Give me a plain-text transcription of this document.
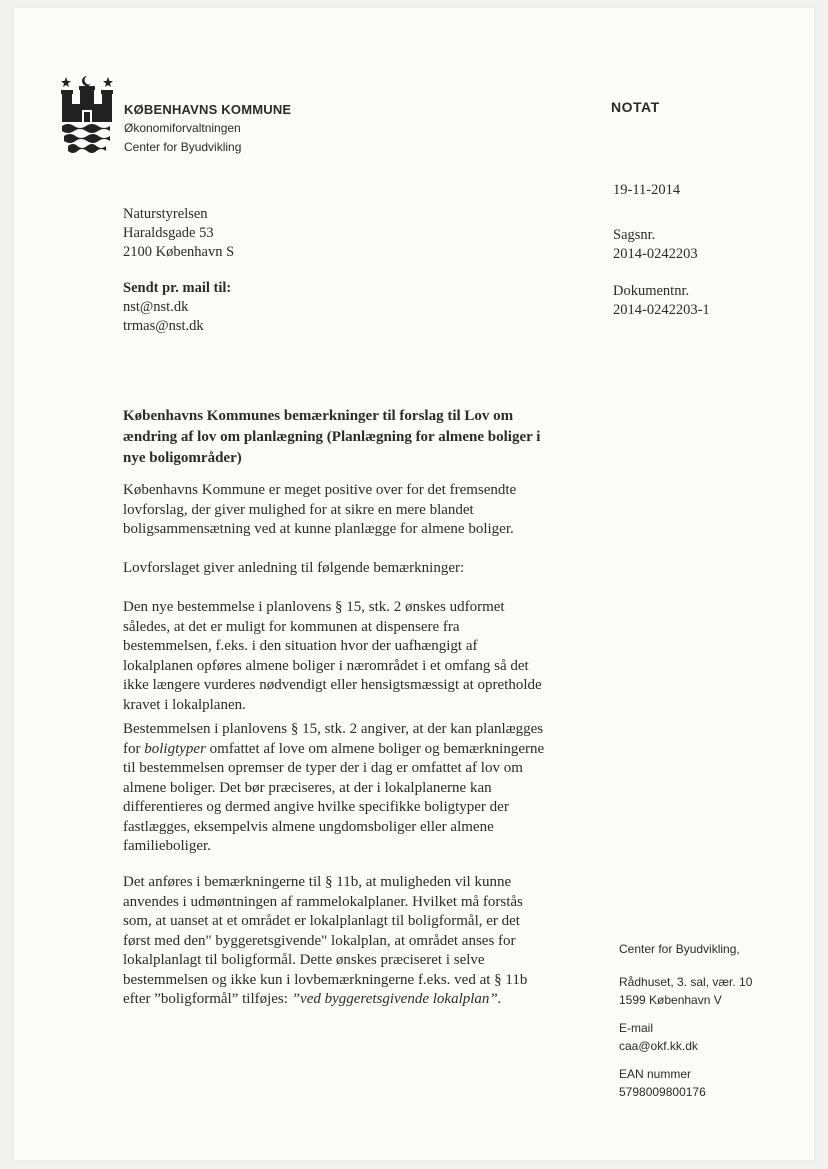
KØBENHAVNS KOMMUNE
Økonomiforvaltningen
Center for Byudvikling
NOTAT
19-11-2014
Sagsnr.
2014-0242203
Dokumentnr.
2014-0242203-1
Naturstyrelsen
Haraldsgade 53
2100 København S
Sendt pr. mail til:
nst@nst.dk
trmas@nst.dk
Københavns Kommunes bemærkninger til forslag til Lov om
ændring af lov om planlægning (Planlægning for almene boliger i
nye boligområder)
Københavns Kommune er meget positive over for det fremsendte
lovforslag, der giver mulighed for at sikre en mere blandet
boligsammensætning ved at kunne planlægge for almene boliger.
Lovforslaget giver anledning til følgende bemærkninger:
Den nye bestemmelse i planlovens § 15, stk. 2 ønskes udformet
således, at det er muligt for kommunen at dispensere fra
bestemmelsen, f.eks. i den situation hvor der uafhængigt af
lokalplanen opføres almene boliger i nærområdet i et omfang så det
ikke længere vurderes nødvendigt eller hensigtsmæssigt at opretholde
kravet i lokalplanen.
Bestemmelsen i planlovens § 15, stk. 2 angiver, at der kan planlægges
for boligtyper omfattet af love om almene boliger og bemærkningerne
til bestemmelsen opremser de typer der i dag er omfattet af lov om
almene boliger. Det bør præciseres, at der i lokalplanerne kan
differentieres og dermed angive hvilke specifikke boligtyper der
fastlægges, eksempelvis almene ungdomsboliger eller almene
familieboliger.
Det anføres i bemærkningerne til § 11b, at muligheden vil kunne
anvendes i udmøntningen af rammelokalplaner. Hvilket må forstås
som, at uanset at et området er lokalplanlagt til boligformål, er det
først med den" byggeretsgivende" lokalplan, at området anses for
lokalplanlagt til boligformål. Dette ønskes præciseret i selve
bestemmelsen og ikke kun i lovbemærkningerne f.eks. ved at § 11b
efter ”boligformål” tilføjes: ”ved byggeretsgivende lokalplan”.
Center for Byudvikling,
Rådhuset, 3. sal, vær. 10
1599 København V
E-mail
caa@okf.kk.dk
EAN nummer
5798009800176
